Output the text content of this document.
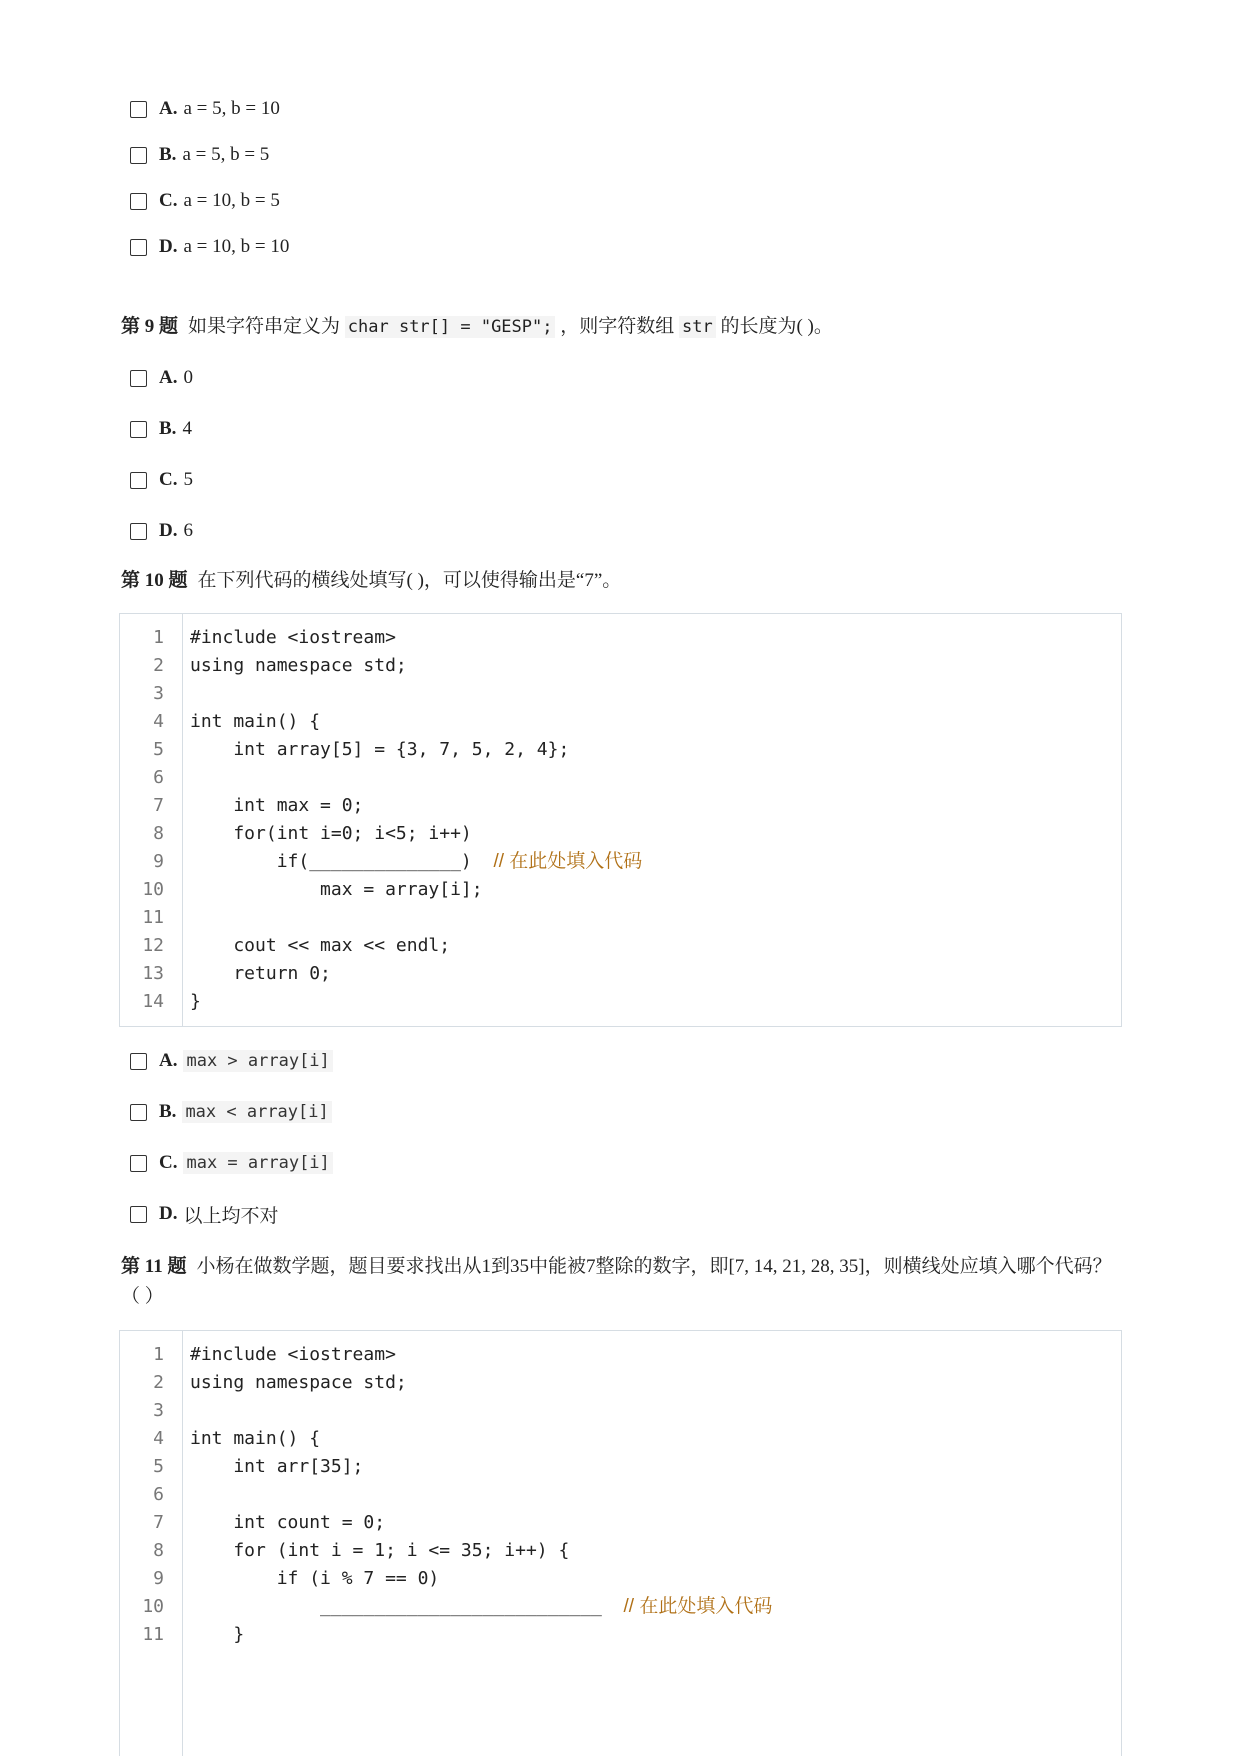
A. a = 5, b = 10
B. a = 5, b = 5
C. a = 10, b = 5
D. a = 10, b = 10
第 9 题 如果字符串定义为 char str[] = "GESP"; ，则字符数组 str 的长度为( )。
A. 0
B. 4
C. 5
D. 6
第 10 题 在下列代码的横线处填写( )，可以使得输出是“7”。
1 #include <iostream>
2 using namespace std;
3
4 int main() {
5 int array[5] = {3, 7, 5, 2, 4};
6
7 int max = 0;
8 for(int i=0; i<5; i++)
9 if(______________)  // 在此处填入代码
10 max = array[i];
11
12 cout << max << endl;
13 return 0;
14 }
A. max > array[i]
B. max < array[i]
C. max = array[i]
D. 以上均不对
第 11 题 小杨在做数学题，题目要求找出从1到35中能被7整除的数字，即[7, 14, 21, 28, 35]，则横线处应填入哪个代码？ （ ）
1 #include <iostream>
2 using namespace std;
3
4 int main() {
5 int arr[35];
6
7 int count = 0;
8 for (int i = 1; i <= 35; i++) {
9 if (i % 7 == 0)
10 __________________________  // 在此处填入代码
11 }
